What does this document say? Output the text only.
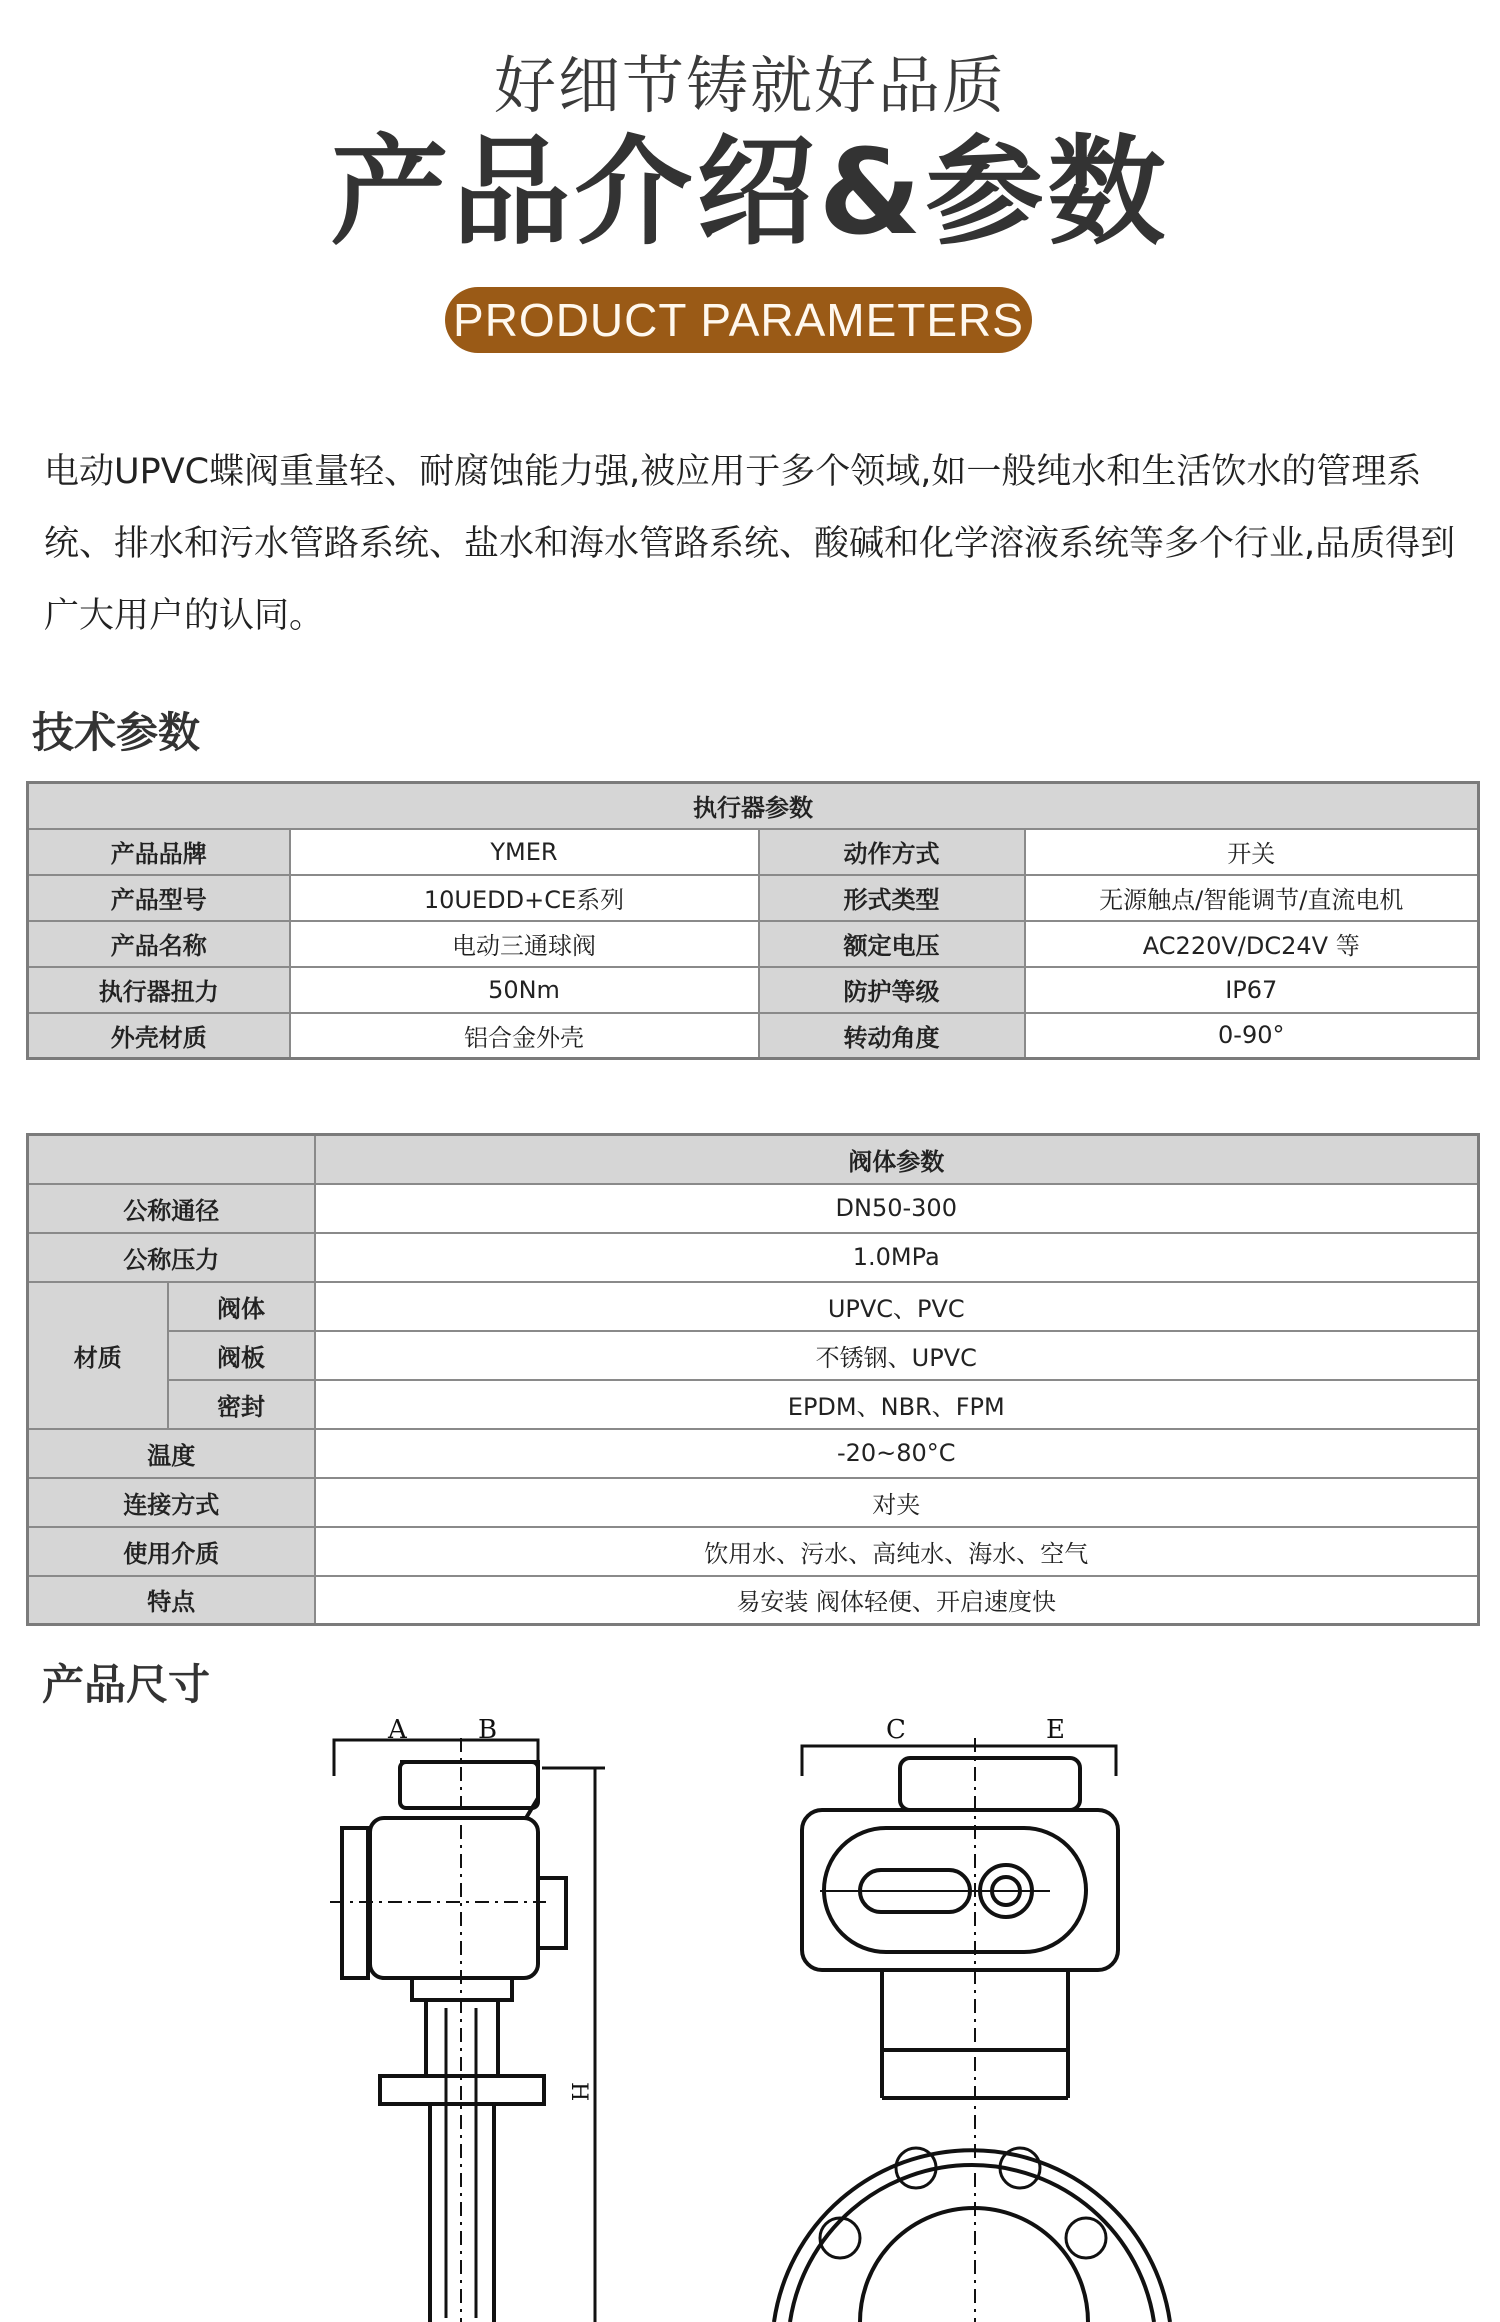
好细节铸就好品质
产品介绍&参数
PRODUCT PARAMETERS

电动UPVC蝶阀重量轻、耐腐蚀能力强,被应用于多个领域,如一般纯水和生活饮水的管理系统、排水和污水管路系统、盐水和海水管路系统、酸碱和化学溶液系统等多个行业,品质得到广大用户的认同。

技术参数
执行器参数			
产品品牌	YMER	动作方式	开关
产品型号	10UEDD+CE系列	形式类型	无源触点/智能调节/直流电机
产品名称	电动三通球阀	额定电压	AC220V/DC24V 等
执行器扭力	50Nm	防护等级	IP67
外壳材质	铝合金外壳	转动角度	0-90°
		阀体参数
公称通径		DN50-300
公称压力		1.0MPa
材质	阀体	UPVC、PVC
	阀板	不锈钢、UPVC
	密封	EPDM、NBR、FPM
温度		-20~80°C
连接方式		对夹
使用介质		饮用水、污水、高纯水、海水、空气
特点		易安装 阀体轻便、开启速度快
产品尺寸
A	B
H
C	E
